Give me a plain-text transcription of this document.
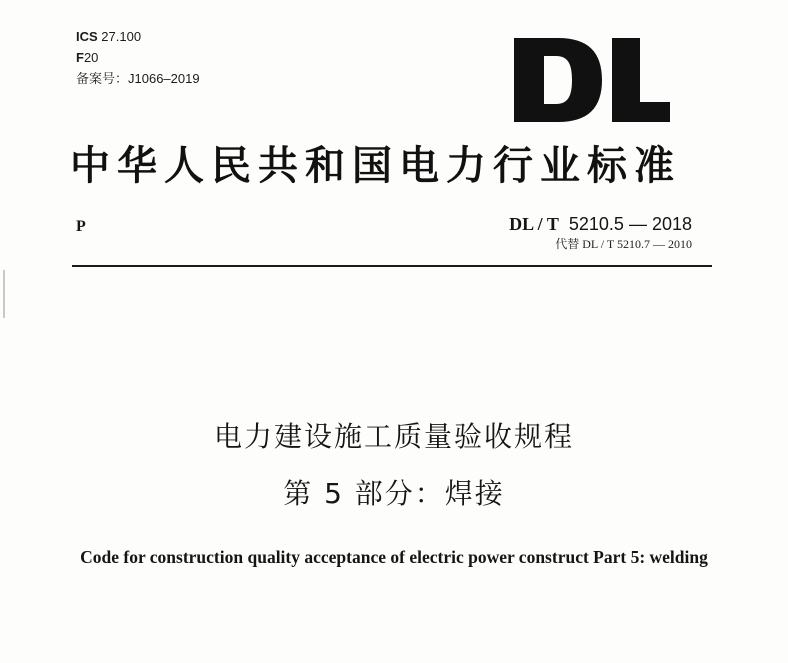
ICS 27.100
F20
备案号：J1066–2019
中华人民共和国电力行业标准
P	DL / T 5210.5 — 2018
代替 DL / T 5210.7 — 2010
电力建设施工质量验收规程
第 5 部分：焊接
Code for construction quality acceptance of electric power construct Part 5: welding
